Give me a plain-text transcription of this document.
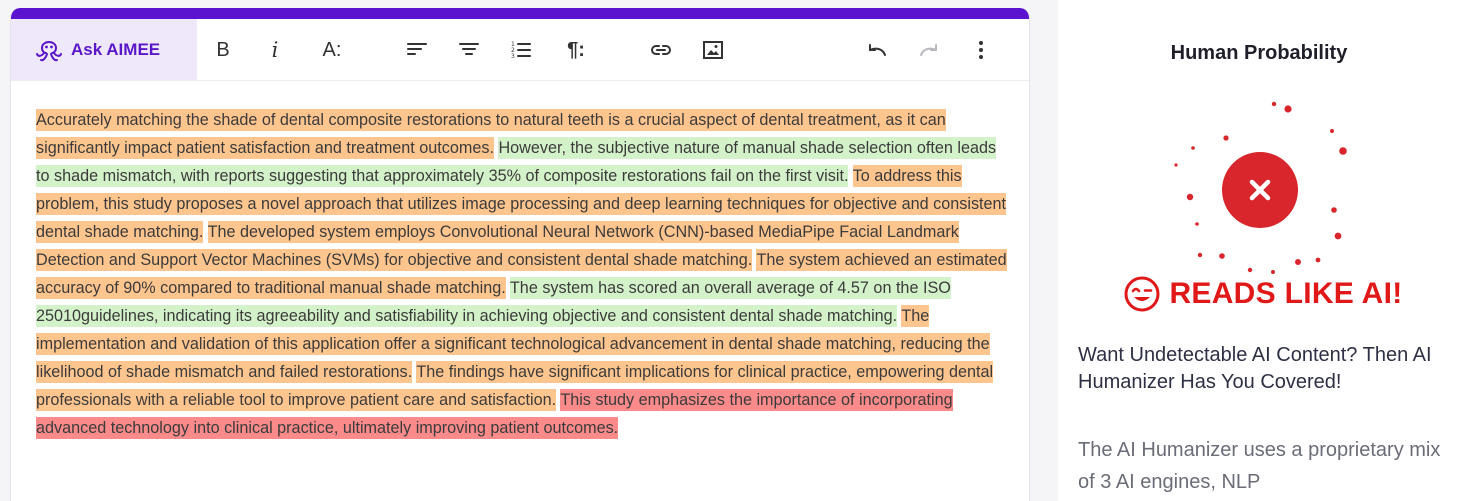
Ask AIMEE	B i A:	1
2
3	¶:
Accurately matching the shade of dental composite restorations to natural teeth is a crucial aspect of dental treatment, as it can significantly impact patient satisfaction and treatment outcomes. However, the subjective nature of manual shade selection often leads to shade mismatch, with reports suggesting that approximately 35% of composite restorations fail on the first visit. To address this problem, this study proposes a novel approach that utilizes image processing and deep learning techniques for objective and consistent dental shade matching. The developed system employs Convolutional Neural Network (CNN)-based MediaPipe Facial Landmark Detection and Support Vector Machines (SVMs) for objective and consistent dental shade matching. The system achieved an estimated accuracy of 90% compared to traditional manual shade matching. The system has scored an overall average of 4.57 on the ISO 25010guidelines, indicating its agreeability and satisfiability in achieving objective and consistent dental shade matching. The implementation and validation of this application offer a significant technological advancement in dental shade matching, reducing the likelihood of shade mismatch and failed restorations. The findings have significant implications for clinical practice, empowering dental professionals with a reliable tool to improve patient care and satisfaction. This study emphasizes the importance of incorporating advanced technology into clinical practice, ultimately improving patient outcomes.
Human Probability
READS LIKE AI!
Want Undetectable AI Content? Then AI Humanizer Has You Covered!
The AI Humanizer uses a proprietary mix of 3 AI engines, NLP
